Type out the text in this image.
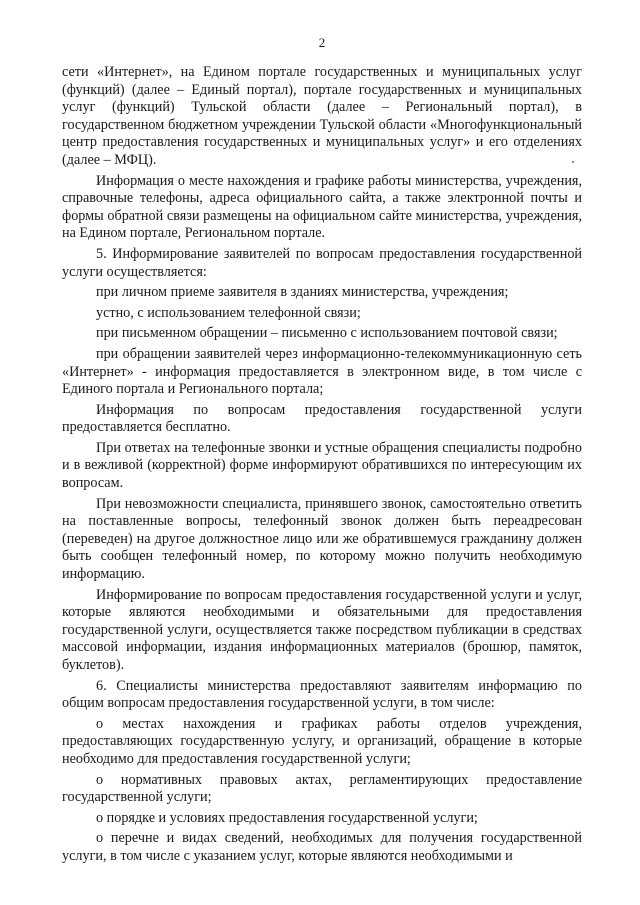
2

сети «Интернет», на Едином портале государственных и муниципальных услуг (функций) (далее – Единый портал), портале государственных и муниципальных услуг (функций) Тульской области (далее – Региональный портал), в государственном бюджетном учреждении Тульской области «Многофункциональный центр предоставления государственных и муниципальных услуг» и его отделениях (далее – МФЦ).

Информация о месте нахождения и графике работы министерства, учреждения, справочные телефоны, адреса официального сайта, а также электронной почты и формы обратной связи размещены на официальном сайте министерства, учреждения, на Едином портале, Региональном портале.

5. Информирование заявителей по вопросам предоставления государственной услуги осуществляется:

при личном приеме заявителя в зданиях министерства, учреждения;

устно, с использованием телефонной связи;

при письменном обращении – письменно с использованием почтовой связи;

при обращении заявителей через информационно-телекоммуникационную сеть «Интернет» - информация предоставляется в электронном виде, в том числе с Единого портала и Регионального портала;

Информация по вопросам предоставления государственной услуги предоставляется бесплатно.

При ответах на телефонные звонки и устные обращения специалисты подробно и в вежливой (корректной) форме информируют обратившихся по интересующим их вопросам.

При невозможности специалиста, принявшего звонок, самостоятельно ответить на поставленные вопросы, телефонный звонок должен быть переадресован (переведен) на другое должностное лицо или же обратившемуся гражданину должен быть сообщен телефонный номер, по которому можно получить необходимую информацию.

Информирование по вопросам предоставления государственной услуги и услуг, которые являются необходимыми и обязательными для предоставления государственной услуги, осуществляется также посредством публикации в средствах массовой информации, издания информационных материалов (брошюр, памяток, буклетов).

6. Специалисты министерства предоставляют заявителям информацию по общим вопросам предоставления государственной услуги, в том числе:

о местах нахождения и графиках работы отделов учреждения, предоставляющих государственную услугу, и организаций, обращение в которые необходимо для предоставления государственной услуги;

о нормативных правовых актах, регламентирующих предоставление государственной услуги;

о порядке и условиях предоставления государственной услуги;

о перечне и видах сведений, необходимых для получения государственной услуги, в том числе с указанием услуг, которые являются необходимыми и
